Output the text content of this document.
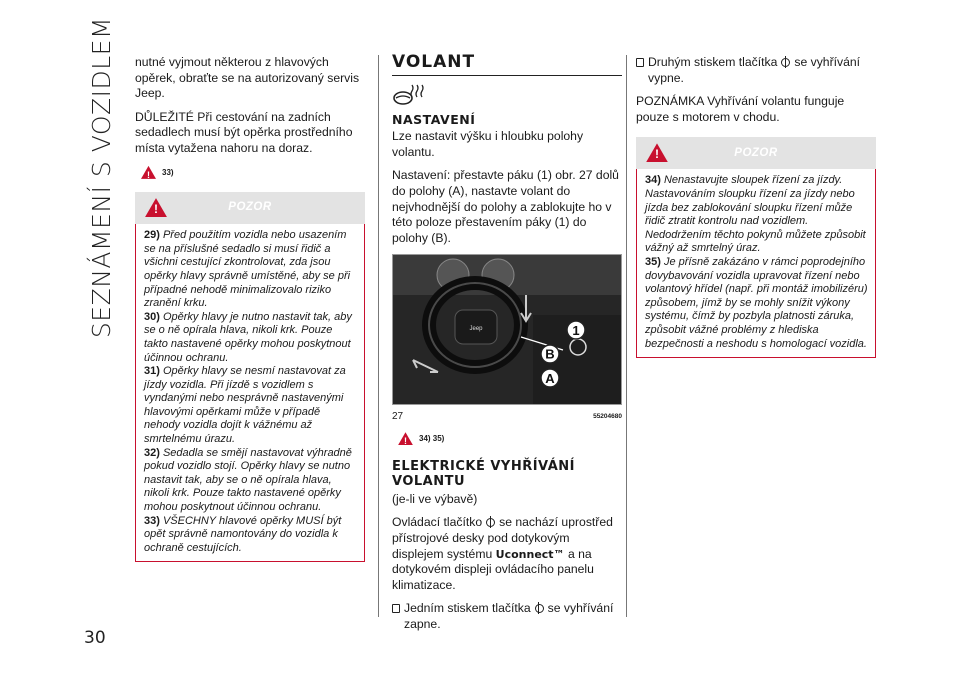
SEZNÁMENÍ S VOZIDLEM
30

nutné vyjmout některou z hlavových opěrek, obraťte se na autorizovaný servis Jeep.

DŮLEŽITÉ Při cestování na zadních sedadlech musí být opěrka prostředního místa vytažena nahoru na doraz.

!
33)
!
POZOR
29) Před použitím vozidla nebo usazením se na příslušné sedadlo si musí řidič a všichni cestující zkontrolovat, zda jsou opěrky hlavy správně umístěné, aby se při případné nehodě minimalizovalo riziko zranění krku.
30) Opěrky hlavy je nutno nastavit tak, aby se o ně opírala hlava, nikoli krk. Pouze takto nastavené opěrky mohou poskytnout účinnou ochranu.
31) Opěrky hlavy se nesmí nastavovat za jízdy vozidla. Při jízdě s vozidlem s vyndanými nebo nesprávně nastavenými hlavovými opěrkami může v případě nehody vozidla dojít k vážnému až smrtelnému úrazu.
32) Sedadla se smějí nastavovat výhradně pokud vozidlo stojí. Opěrky hlavy se nutno nastavit tak, aby se o ně opírala hlava, nikoli krk. Pouze takto nastavené opěrky mohou poskytnout účinnou ochranu.
33) VŠECHNY hlavové opěrky MUSÍ být opět správně namontovány do vozidla k ochraně cestujících.
VOLANT
NASTAVENÍ

Lze nastavit výšku i hloubku polohy volantu.

Nastavení: přestavte páku (1) obr. 27 dolů do polohy (A), nastavte volant do nejvhodnější do polohy a zablokujte ho v této poloze přestavením páky (1) do polohy (B).

Jeep
B
1
A
27	55204680
!
34) 35)
ELEKTRICKÉ VYHŘÍVÁNÍ
VOLANTU

(je-li ve výbavě)

Ovládací tlačítko se nachází uprostřed přístrojové desky pod dotykovým displejem systému Uconnect™ a na dotykovém displeji ovládacího panelu klimatizace.

Jedním stiskem tlačítka se vyhřívání zapne.
Druhým stiskem tlačítka se vyhřívání vypne.

POZNÁMKA Vyhřívání volantu funguje pouze s motorem v chodu.

!
POZOR
34) Nenastavujte sloupek řízení za jízdy. Nastavováním sloupku řízení za jízdy nebo jízda bez zablokování sloupku řízení může řidič ztratit kontrolu nad vozidlem. Nedodržením těchto pokynů můžete způsobit vážný až smrtelný úraz.
35) Je přísně zakázáno v rámci poprodejního dovybavování vozidla upravovat řízení nebo volantový hřídel (např. při montáž imobilizéru) způsobem, jímž by se mohly snížit výkony systému, čímž by pozbyla platnosti záruka, způsobit vážné problémy z hlediska bezpečnosti a neshodu s homologací vozidla.
